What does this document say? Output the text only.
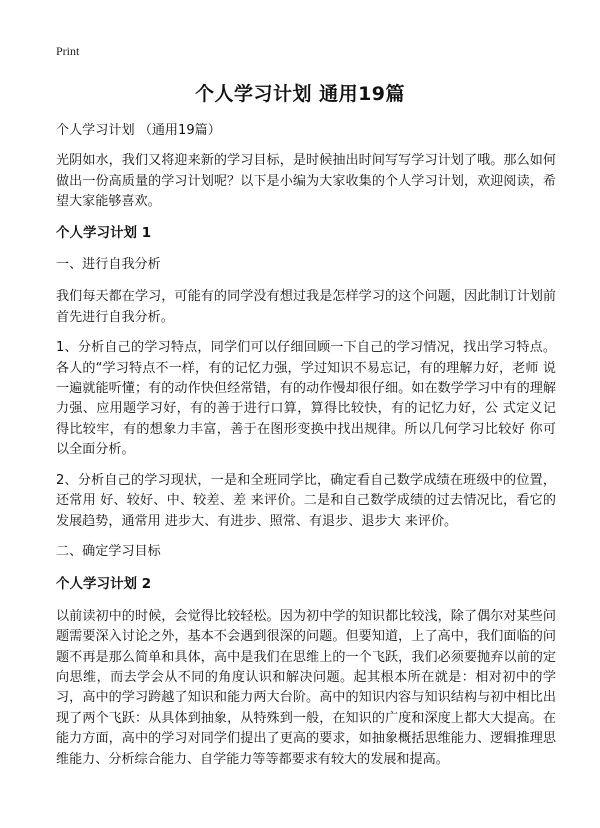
Print
个人学习计划 通用19篇

个人学习计划 （通用19篇）

光阴如水，我们又将迎来新的学习目标，是时候抽出时间写写学习计划了哦。那么如何做出一份高质量的学习计划呢？以下是小编为大家收集的个人学习计划，欢迎阅读，希望大家能够喜欢。

个人学习计划 1

一、进行自我分析

我们每天都在学习，可能有的同学没有想过我是怎样学习的这个问题，因此制订计划前首先进行自我分析。

1、分析自己的学习特点，同学们可以仔细回顾一下自己的学习情况，找出学习特点。各人的“学习特点不一样，有的记忆力强，学过知识不易忘记，有的理解力好，老师 说一遍就能听懂；有的动作快但经常错，有的动作慢却很仔细。如在数学学习中有的理解力强、应用题学习好，有的善于进行口算，算得比较快，有的记忆力好，公 式定义记得比较牢，有的想象力丰富，善于在图形变换中找出规律。所以几何学习比较好 你可以全面分析。

2、分析自己的学习现状，一是和全班同学比，确定看自己数学成绩在班级中的位置，还常用 好、较好、中、较差、差 来评价。二是和自己数学成绩的过去情况比，看它的发展趋势，通常用 进步大、有进步、照常、有退步、退步大 来评价。

二、确定学习目标

个人学习计划 2

以前读初中的时候，会觉得比较轻松。因为初中学的知识都比较浅，除了偶尔对某些问题需要深入讨论之外，基本不会遇到很深的问题。但要知道，上了高中，我们面临的问题不再是那么简单和具体，高中是我们在思维上的一个飞跃，我们必须要抛弃以前的定向思维，而去学会从不同的角度认识和解决问题。起其根本所在就是：相对初中的学习，高中的学习跨越了知识和能力两大台阶。高中的知识内容与知识结构与初中相比出现了两个飞跃：从具体到抽象，从特殊到一般，在知识的广度和深度上都大大提高。在能力方面，高中的学习对同学们提出了更高的要求，如抽象概括思维能力、逻辑推理思维能力、分析综合能力、自学能力等等都要求有较大的发展和提高。
